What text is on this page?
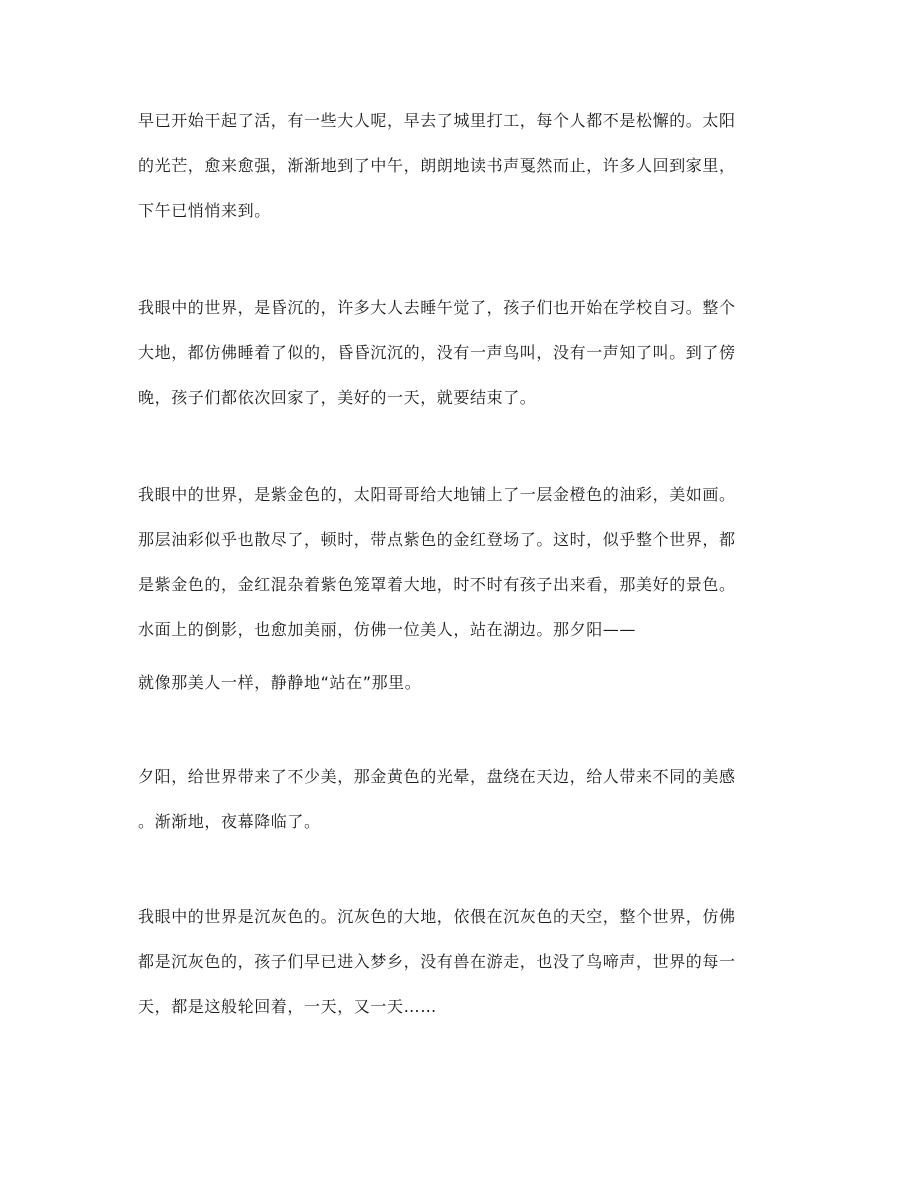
早已开始干起了活，有一些大人呢，早去了城里打工，每个人都不是松懈的。太阳
的光芒，愈来愈强，渐渐地到了中午，朗朗地读书声戛然而止，许多人回到家里，
下午已悄悄来到。
我眼中的世界，是昏沉的，许多大人去睡午觉了，孩子们也开始在学校自习。整个
大地，都仿佛睡着了似的，昏昏沉沉的，没有一声鸟叫，没有一声知了叫。到了傍
晚，孩子们都依次回家了，美好的一天，就要结束了。
我眼中的世界，是紫金色的，太阳哥哥给大地铺上了一层金橙色的油彩，美如画。
那层油彩似乎也散尽了，顿时，带点紫色的金红登场了。这时，似乎整个世界，都
是紫金色的，金红混杂着紫色笼罩着大地，时不时有孩子出来看，那美好的景色。
水面上的倒影，也愈加美丽，仿佛一位美人，站在湖边。那夕阳——
就像那美人一样，静静地“站在”那里。
夕阳，给世界带来了不少美，那金黄色的光晕，盘绕在天边，给人带来不同的美感
。渐渐地，夜幕降临了。
我眼中的世界是沉灰色的。沉灰色的大地，依偎在沉灰色的天空，整个世界，仿佛
都是沉灰色的，孩子们早已进入梦乡，没有兽在游走，也没了鸟啼声，世界的每一
天，都是这般轮回着，一天，又一天……
